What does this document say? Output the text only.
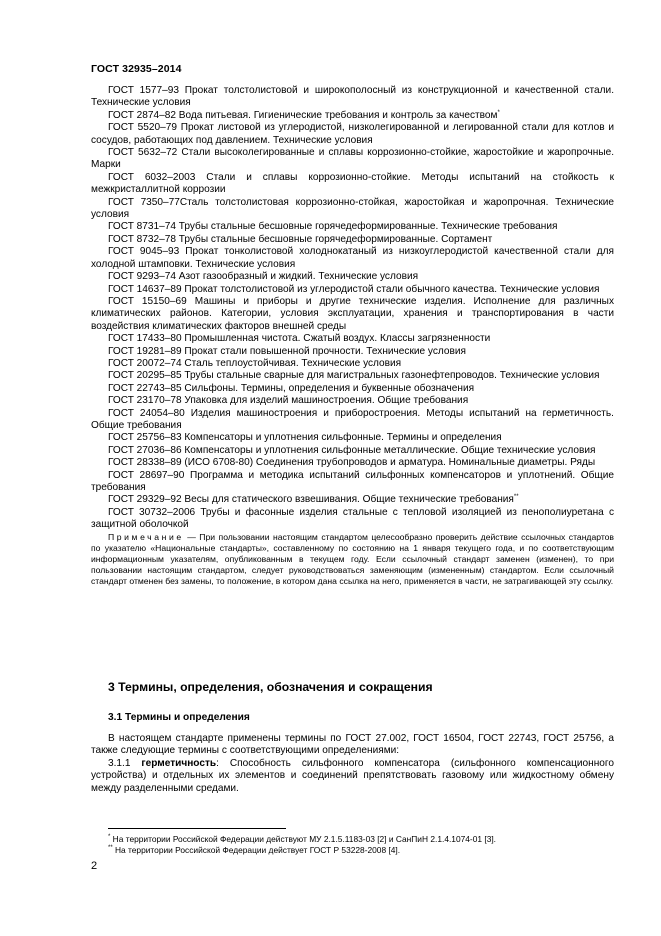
ГОСТ 32935–2014

ГОСТ 1577–93 Прокат толстолистовой и широкополосный из конструкционной и качественной стали. Технические условия

ГОСТ 2874–82 Вода питьевая. Гигиенические требования и контроль за качеством*

ГОСТ 5520–79 Прокат листовой из углеродистой, низколегированной и легированной стали для котлов и сосудов, работающих под давлением. Технические условия

ГОСТ 5632–72 Стали высоколегированные и сплавы коррозионно-стойкие, жаростойкие и жаропрочные. Марки

ГОСТ 6032–2003 Стали и сплавы коррозионно-стойкие. Методы испытаний на стойкость к межкристаллитной коррозии

ГОСТ 7350–77Сталь толстолистовая коррозионно-стойкая, жаростойкая и жаропрочная. Технические условия

ГОСТ 8731–74 Трубы стальные бесшовные горячедеформированные. Технические требования

ГОСТ 8732–78 Трубы стальные бесшовные горячедеформированные. Сортамент

ГОСТ 9045–93 Прокат тонколистовой холоднокатаный из низкоуглеродистой качественной стали для холодной штамповки. Технические условия

ГОСТ 9293–74 Азот газообразный и жидкий. Технические условия

ГОСТ 14637–89 Прокат толстолистовой из углеродистой стали обычного качества. Технические условия

ГОСТ 15150–69 Машины и приборы и другие технические изделия. Исполнение для различных климатических районов. Категории, условия эксплуатации, хранения и транспортирования в части воздействия климатических факторов внешней среды

ГОСТ 17433–80 Промышленная чистота. Сжатый воздух. Классы загрязненности

ГОСТ 19281–89 Прокат стали повышенной прочности. Технические условия

ГОСТ 20072–74 Сталь теплоустойчивая. Технические условия

ГОСТ 20295–85 Трубы стальные сварные для магистральных газонефтепроводов. Технические условия

ГОСТ 22743–85 Сильфоны. Термины, определения и буквенные обозначения

ГОСТ 23170–78 Упаковка для изделий машиностроения. Общие требования

ГОСТ 24054–80 Изделия машиностроения и приборостроения. Методы испытаний на герметичность. Общие требования

ГОСТ 25756–83 Компенсаторы и уплотнения сильфонные. Термины и определения

ГОСТ 27036–86 Компенсаторы и уплотнения сильфонные металлические. Общие технические условия

ГОСТ 28338–89 (ИСО 6708-80) Соединения трубопроводов и арматура. Номинальные диаметры. Ряды

ГОСТ 28697–90 Программа и методика испытаний сильфонных компенсаторов и уплотнений. Общие требования

ГОСТ 29329–92 Весы для статического взвешивания. Общие технические требования**

ГОСТ 30732–2006 Трубы и фасонные изделия стальные с тепловой изоляцией из пенополиуретана с защитной оболочкой

Примечание — При пользовании настоящим стандартом целесообразно проверить действие ссылочных стандартов по указателю «Национальные стандарты», составленному по состоянию на 1 января текущего года, и по соответствующим информационным указателям, опубликованным в текущем году. Если ссылочный стандарт заменен (изменен), то при пользовании настоящим стандартом, следует руководствоваться заменяющим (измененным) стандартом. Если ссылочный стандарт отменен без замены, то положение, в котором дана ссылка на него, применяется в части, не затрагивающей эту ссылку.
3 Термины, определения, обозначения и сокращения
3.1 Термины и определения

В настоящем стандарте применены термины по ГОСТ 27.002, ГОСТ 16504, ГОСТ 22743, ГОСТ 25756, а также следующие термины с соответствующими определениями:

3.1.1 герметичность: Способность сильфонного компенсатора (сильфонного компенсационного устройства) и отдельных их элементов и соединений препятствовать газовому или жидкостному обмену между разделенными средами.

* На территории Российской Федерации действуют МУ 2.1.5.1183-03 [2] и СанПиН 2.1.4.1074-01 [3].
** На территории Российской Федерации действует ГОСТ Р 53228-2008 [4].
2
